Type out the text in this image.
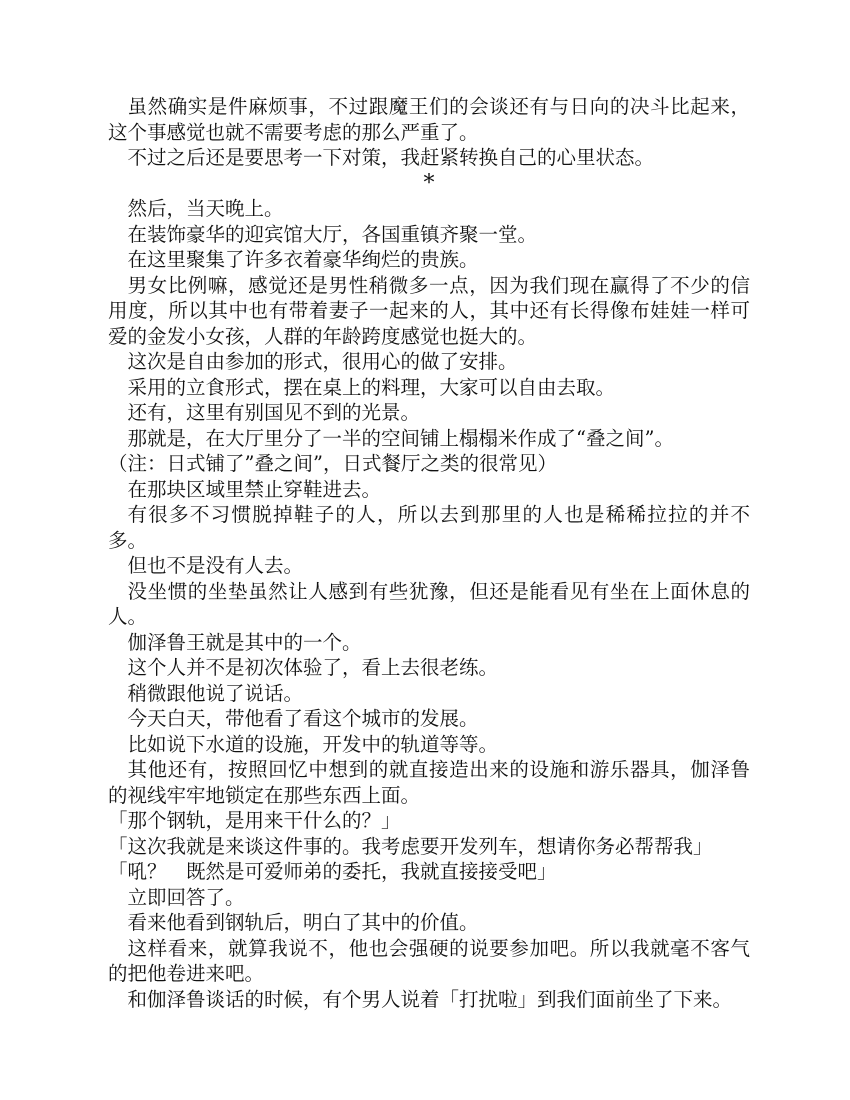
虽然确实是件麻烦事，不过跟魔王们的会谈还有与日向的决斗比起来，这个事感觉也就不需要考虑的那么严重了。

不过之后还是要思考一下对策，我赶紧转换自己的心里状态。

*

然后，当天晚上。

在装饰豪华的迎宾馆大厅，各国重镇齐聚一堂。

在这里聚集了许多衣着豪华绚烂的贵族。

男女比例嘛，感觉还是男性稍微多一点，因为我们现在赢得了不少的信用度，所以其中也有带着妻子一起来的人，其中还有长得像布娃娃一样可爱的金发小女孩，人群的年龄跨度感觉也挺大的。

这次是自由参加的形式，很用心的做了安排。

采用的立食形式，摆在桌上的料理，大家可以自由去取。

还有，这里有别国见不到的光景。

那就是，在大厅里分了一半的空间铺上榻榻米作成了“叠之间”。

（注：日式铺了”叠之间”，日式餐厅之类的很常见）

在那块区域里禁止穿鞋进去。

有很多不习惯脱掉鞋子的人，所以去到那里的人也是稀稀拉拉的并不多。

但也不是没有人去。

没坐惯的坐垫虽然让人感到有些犹豫，但还是能看见有坐在上面休息的人。

伽泽鲁王就是其中的一个。

这个人并不是初次体验了，看上去很老练。

稍微跟他说了说话。

今天白天，带他看了看这个城市的发展。

比如说下水道的设施，开发中的轨道等等。

其他还有，按照回忆中想到的就直接造出来的设施和游乐器具，伽泽鲁的视线牢牢地锁定在那些东西上面。

「那个钢轨，是用来干什么的？」

「这次我就是来谈这件事的。我考虑要开发列车，想请你务必帮帮我」

「吼？　既然是可爱师弟的委托，我就直接接受吧」

立即回答了。

看来他看到钢轨后，明白了其中的价值。

这样看来，就算我说不，他也会强硬的说要参加吧。所以我就毫不客气的把他卷进来吧。

和伽泽鲁谈话的时候，有个男人说着「打扰啦」到我们面前坐了下来。
